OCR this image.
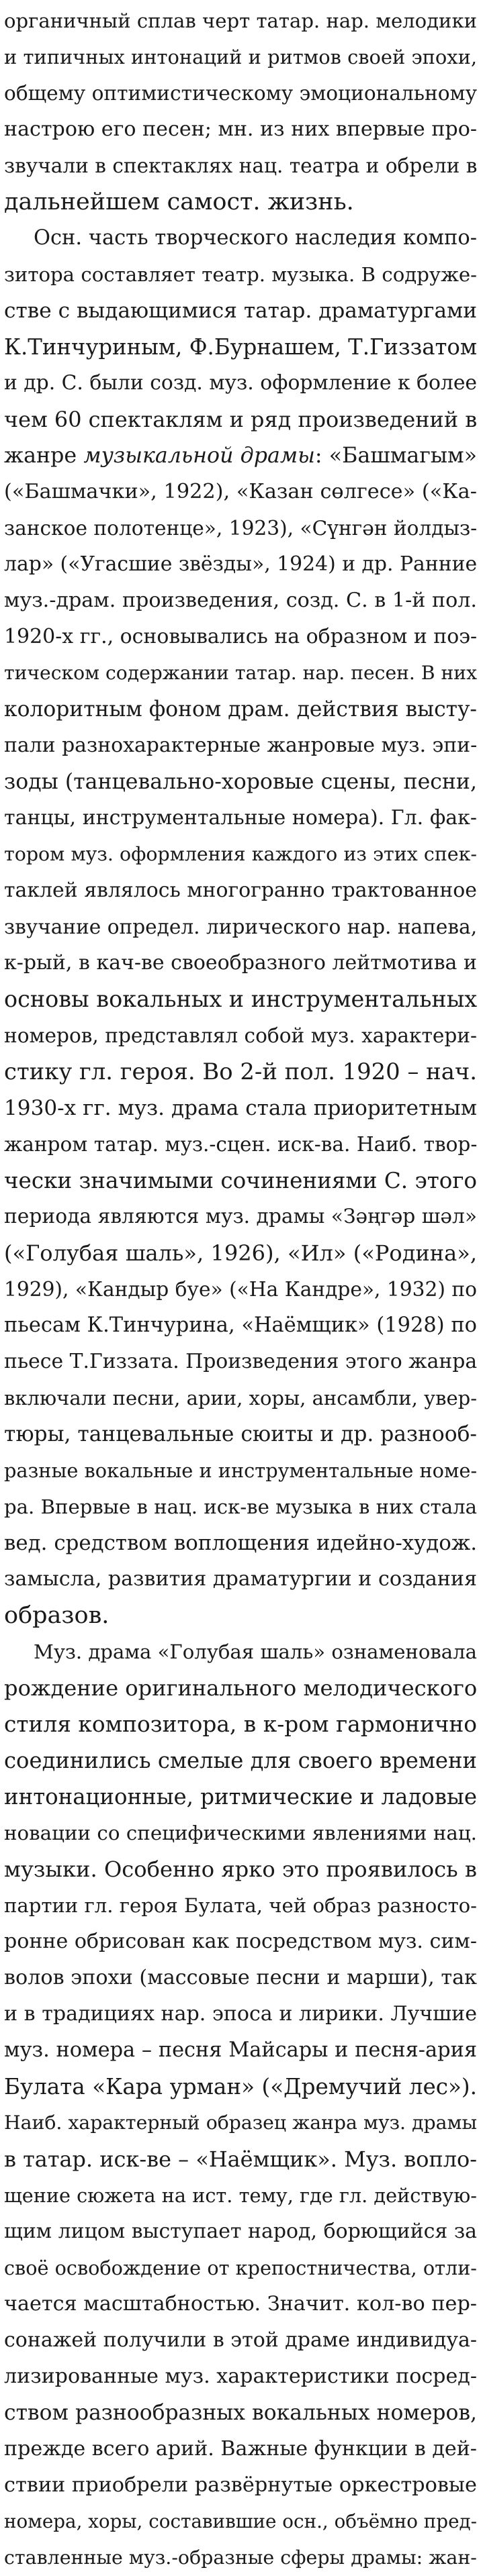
органичный сплав черт татар. нар. мелодики
и типичных интонаций и ритмов своей эпохи,
общему оптимистическому эмоциональному
настрою его песен; мн. из них впервые про-
звучали в спектаклях нац. театра и обрели в
дальнейшем самост. жизнь.
Осн. часть творческого наследия компо-
зитора составляет театр. музыка. В содруже-
стве с выдающимися татар. драматургами
К.Тинчуриным, Ф.Бурнашем, Т.Гиззатом
и др. С. были созд. муз. оформление к более
чем 60 спектаклям и ряд произведений в
жанре музыкальной драмы: «Башмагым»
(«Башмачки», 1922), «Казан сөлгесе» («Ка-
занское полотенце», 1923), «Сүнгән йолдыз-
лар» («Угасшие звёзды», 1924) и др. Ранние
муз.-драм. произведения, созд. С. в 1-й пол.
1920-х гг., основывались на образном и поэ-
тическом содержании татар. нар. песен. В них
колоритным фоном драм. действия высту-
пали разнохарактерные жанровые муз. эпи-
зоды (танцевально-хоровые сцены, песни,
танцы, инструментальные номера). Гл. фак-
тором муз. оформления каждого из этих спек-
таклей являлось многогранно трактованное
звучание определ. лирического нар. напева,
к-рый, в кач-ве своеобразного лейтмотива и
основы вокальных и инструментальных
номеров, представлял собой муз. характери-
стику гл. героя. Во 2-й пол. 1920 – нач.
1930-х гг. муз. драма стала приоритетным
жанром татар. муз.-сцен. иск-ва. Наиб. твор-
чески значимыми сочинениями С. этого
периода являются муз. драмы «Зәңгәр шәл»
(«Голубая шаль», 1926), «Ил» («Родина»,
1929), «Кандыр буе» («На Кандре», 1932) по
пьесам К.Тинчурина, «Наёмщик» (1928) по
пьесе Т.Гиззата. Произведения этого жанра
включали песни, арии, хоры, ансамбли, увер-
тюры, танцевальные сюиты и др. разнооб-
разные вокальные и инструментальные номе-
ра. Впервые в нац. иск-ве музыка в них стала
вед. средством воплощения идейно-худож.
замысла, развития драматургии и создания
образов.
Муз. драма «Голубая шаль» ознаменовала
рождение оригинального мелодического
стиля композитора, в к-ром гармонично
соединились смелые для своего времени
интонационные, ритмические и ладовые
новации со специфическими явлениями нац.
музыки. Особенно ярко это проявилось в
партии гл. героя Булата, чей образ разносто-
ронне обрисован как посредством муз. сим-
волов эпохи (массовые песни и марши), так
и в традициях нар. эпоса и лирики. Лучшие
муз. номера – песня Майсары и песня-ария
Булата «Кара урман» («Дремучий лес»).
Наиб. характерный образец жанра муз. драмы
в татар. иск-ве – «Наёмщик». Муз. вопло-
щение сюжета на ист. тему, где гл. действую-
щим лицом выступает народ, борющийся за
своё освобождение от крепостничества, отли-
чается масштабностью. Значит. кол-во пер-
сонажей получили в этой драме индивидуа-
лизированные муз. характеристики посред-
ством разнообразных вокальных номеров,
прежде всего арий. Важные функции в дей-
ствии приобрели развёрнутые оркестровые
номера, хоры, составившие осн., объёмно пред-
ставленные муз.-образные сферы драмы: жан-
